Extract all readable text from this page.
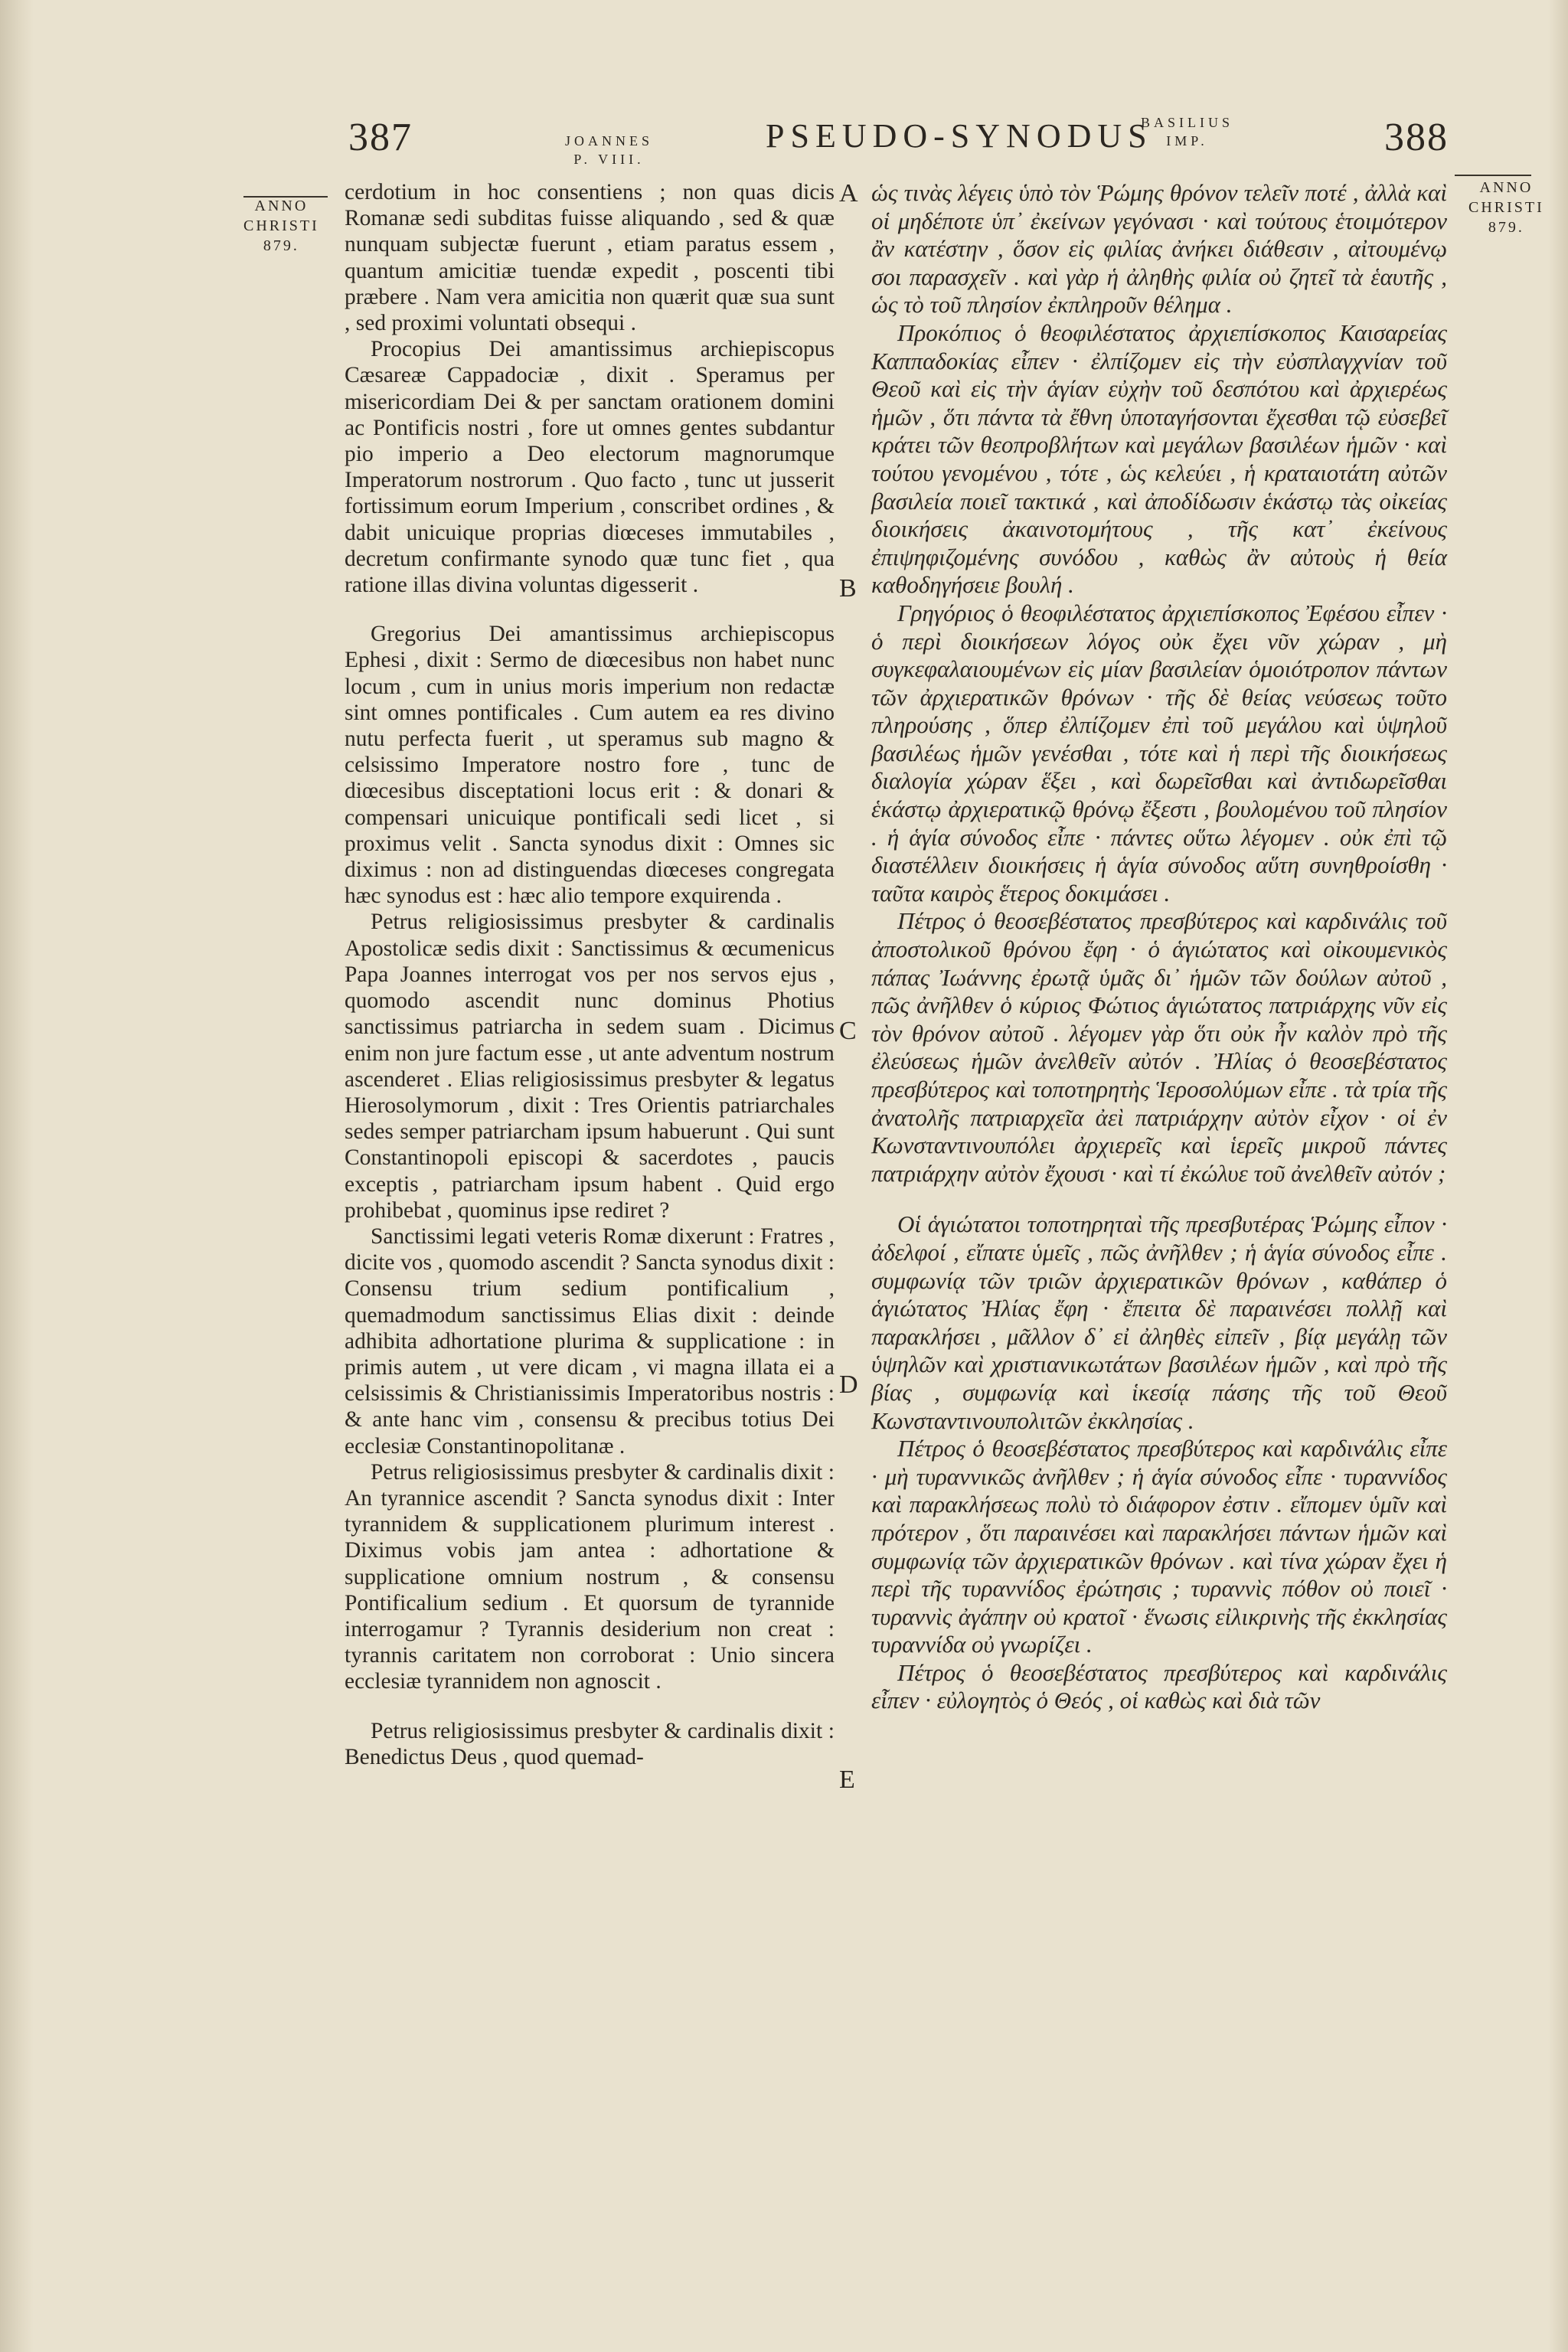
387	JOANNES
P. VIII.
PSEUDO-SYNODUS
BASILIUS
IMP.	388
ANNO
CHRISTI
879.
ANNO
CHRISTI
879.
A
B
C
D
E

cerdotium in hoc consentiens ; non quas dicis Romanæ sedi subditas fuisse aliquando , sed & quæ nunquam subjectæ fuerunt , etiam paratus essem , quantum amicitiæ tuendæ expedit , poscenti tibi præbere . Nam vera amicitia non quærit quæ sua sunt , sed proximi voluntati obsequi .

Procopius Dei amantissimus archiepiscopus Cæsareæ Cappadociæ , dixit . Speramus per misericordiam Dei & per sanctam orationem domini ac Pontificis nostri , fore ut omnes gentes subdantur pio imperio a Deo electorum magnorumque Imperatorum nostrorum . Quo facto , tunc ut jusserit fortissimum eorum Imperium , conscribet ordines , & dabit unicuique proprias diœceses immutabiles , decretum confirmante synodo quæ tunc fiet , qua ratione illas divina voluntas digesserit .

Gregorius Dei amantissimus archiepiscopus Ephesi , dixit : Sermo de diœcesibus non habet nunc locum , cum in unius moris imperium non redactæ sint omnes pontificales . Cum autem ea res divino nutu perfecta fuerit , ut speramus sub magno & celsissimo Imperatore nostro fore , tunc de diœcesibus disceptationi locus erit : & donari & compensari unicuique pontificali sedi licet , si proximus velit . Sancta synodus dixit : Omnes sic diximus : non ad distinguendas diœceses congregata hæc synodus est : hæc alio tempore exquirenda .

Petrus religiosissimus presbyter & cardinalis Apostolicæ sedis dixit : Sanctissimus & œcumenicus Papa Joannes interrogat vos per nos servos ejus , quomodo ascendit nunc dominus Photius sanctissimus patriarcha in sedem suam . Dicimus enim non jure factum esse , ut ante adventum nostrum ascenderet . Elias religiosissimus presbyter & legatus Hierosolymorum , dixit : Tres Orientis patriarchales sedes semper patriarcham ipsum habuerunt . Qui sunt Constantinopoli episcopi & sacerdotes , paucis exceptis , patriarcham ipsum habent . Quid ergo prohibebat , quominus ipse rediret ?

Sanctissimi legati veteris Romæ dixerunt : Fratres , dicite vos , quomodo ascendit ? Sancta synodus dixit : Consensu trium sedium pontificalium , quemadmodum sanctissimus Elias dixit : deinde adhibita adhortatione plurima & supplicatione : in primis autem , ut vere dicam , vi magna illata ei a celsissimis & Christianissimis Imperatoribus nostris : & ante hanc vim , consensu & precibus totius Dei ecclesiæ Constantinopolitanæ .

Petrus religiosissimus presbyter & cardinalis dixit : An tyrannice ascendit ? Sancta synodus dixit : Inter tyrannidem & supplicationem plurimum interest . Diximus vobis jam antea : adhortatione & supplicatione omnium nostrum , & consensu Pontificalium sedium . Et quorsum de tyrannide interrogamur ? Tyrannis desiderium non creat : tyrannis caritatem non corroborat : Unio sincera ecclesiæ tyrannidem non agnoscit .

Petrus religiosissimus presbyter & cardinalis dixit : Benedictus Deus , quod quemad-

ὡς τινὰς λέγεις ὑπὸ τὸν Ῥώμης θρόνον τελεῖν ποτέ , ἀλλὰ καὶ οἱ μηδέποτε ὑπ᾽ ἐκείνων γεγόνασι · καὶ τούτους ἑτοιμότερον ἂν κατέστην , ὅσον εἰς φιλίας ἀνήκει διάθεσιν , αἰτουμένῳ σοι παρασχεῖν . καὶ γὰρ ἡ ἀληθὴς φιλία οὐ ζητεῖ τὰ ἑαυτῆς , ὡς τὸ τοῦ πλησίον ἐκπληροῦν θέλημα .

Προκόπιος ὁ θεοφιλέστατος ἀρχιεπίσκοπος Καισαρείας Καππαδοκίας εἶπεν · ἐλπίζομεν εἰς τὴν εὐσπλαγχνίαν τοῦ Θεοῦ καὶ εἰς τὴν ἁγίαν εὐχὴν τοῦ δεσπότου καὶ ἀρχιερέως ἡμῶν , ὅτι πάντα τὰ ἔθνη ὑποταγήσονται ἔχεσθαι τῷ εὐσεβεῖ κράτει τῶν θεοπροβλήτων καὶ μεγάλων βασιλέων ἡμῶν · καὶ τούτου γενομένου , τότε , ὡς κελεύει , ἡ κραταιοτάτη αὐτῶν βασιλεία ποιεῖ τακτικά , καὶ ἀποδίδωσιν ἑκάστῳ τὰς οἰκείας διοικήσεις ἀκαινοτομήτους , τῆς κατ᾽ ἐκείνους ἐπιψηφιζομένης συνόδου , καθὼς ἂν αὐτοὺς ἡ θεία καθοδηγήσειε βουλή .

Γρηγόριος ὁ θεοφιλέστατος ἀρχιεπίσκοπος Ἐφέσου εἶπεν · ὁ περὶ διοικήσεων λόγος οὐκ ἔχει νῦν χώραν , μὴ συγκεφαλαιουμένων εἰς μίαν βασιλείαν ὁμοιότροπον πάντων τῶν ἀρχιερατικῶν θρόνων · τῆς δὲ θείας νεύσεως τοῦτο πληρούσης , ὅπερ ἐλπίζομεν ἐπὶ τοῦ μεγάλου καὶ ὑψηλοῦ βασιλέως ἡμῶν γενέσθαι , τότε καὶ ἡ περὶ τῆς διοικήσεως διαλογία χώραν ἕξει , καὶ δωρεῖσθαι καὶ ἀντιδωρεῖσθαι ἑκάστῳ ἀρχιερατικῷ θρόνῳ ἔξεστι , βουλομένου τοῦ πλησίον . ἡ ἁγία σύνοδος εἶπε · πάντες οὕτω λέγομεν . οὐκ ἐπὶ τῷ διαστέλλειν διοικήσεις ἡ ἁγία σύνοδος αὕτη συνηθροίσθη · ταῦτα καιρὸς ἕτερος δοκιμάσει .

Πέτρος ὁ θεοσεβέστατος πρεσβύτερος καὶ καρδινάλις τοῦ ἀποστολικοῦ θρόνου ἔφη · ὁ ἁγιώτατος καὶ οἰκουμενικὸς πάπας Ἰωάννης ἐρωτᾷ ὑμᾶς δι᾽ ἡμῶν τῶν δούλων αὐτοῦ , πῶς ἀνῆλθεν ὁ κύριος Φώτιος ἁγιώτατος πατριάρχης νῦν εἰς τὸν θρόνον αὐτοῦ . λέγομεν γὰρ ὅτι οὐκ ἦν καλὸν πρὸ τῆς ἐλεύσεως ἡμῶν ἀνελθεῖν αὐτόν . Ἠλίας ὁ θεοσεβέστατος πρεσβύτερος καὶ τοποτηρητὴς Ἱεροσολύμων εἶπε . τὰ τρία τῆς ἀνατολῆς πατριαρχεῖα ἀεὶ πατριάρχην αὐτὸν εἶχον · οἱ ἐν Κωνσταντινουπόλει ἀρχιερεῖς καὶ ἱερεῖς μικροῦ πάντες πατριάρχην αὐτὸν ἔχουσι · καὶ τί ἐκώλυε τοῦ ἀνελθεῖν αὐτόν ;

Οἱ ἁγιώτατοι τοποτηρηταὶ τῆς πρεσβυτέρας Ῥώμης εἶπον · ἀδελφοί , εἴπατε ὑμεῖς , πῶς ἀνῆλθεν ; ἡ ἁγία σύνοδος εἶπε . συμφωνίᾳ τῶν τριῶν ἀρχιερατικῶν θρόνων , καθάπερ ὁ ἁγιώτατος Ἠλίας ἔφη · ἔπειτα δὲ παραινέσει πολλῇ καὶ παρακλήσει , μᾶλλον δ᾽ εἰ ἀληθὲς εἰπεῖν , βίᾳ μεγάλῃ τῶν ὑψηλῶν καὶ χριστιανικωτάτων βασιλέων ἡμῶν , καὶ πρὸ τῆς βίας , συμφωνίᾳ καὶ ἱκεσίᾳ πάσης τῆς τοῦ Θεοῦ Κωνσταντινουπολιτῶν ἐκκλησίας .

Πέτρος ὁ θεοσεβέστατος πρεσβύτερος καὶ καρδινάλις εἶπε · μὴ τυραννικῶς ἀνῆλθεν ; ἡ ἁγία σύνοδος εἶπε · τυραννίδος καὶ παρακλήσεως πολὺ τὸ διάφορον ἐστιν . εἴπομεν ὑμῖν καὶ πρότερον , ὅτι παραινέσει καὶ παρακλήσει πάντων ἡμῶν καὶ συμφωνίᾳ τῶν ἀρχιερατικῶν θρόνων . καὶ τίνα χώραν ἔχει ἡ περὶ τῆς τυραννίδος ἐρώτησις ; τυραννὶς πόθον οὐ ποιεῖ · τυραννὶς ἀγάπην οὐ κρατοῖ · ἕνωσις εἰλικρινὴς τῆς ἐκκλησίας τυραννίδα οὐ γνωρίζει .

Πέτρος ὁ θεοσεβέστατος πρεσβύτερος καὶ καρδινάλις εἶπεν · εὐλογητὸς ὁ Θεός , οἱ καθὼς καὶ διὰ τῶν
